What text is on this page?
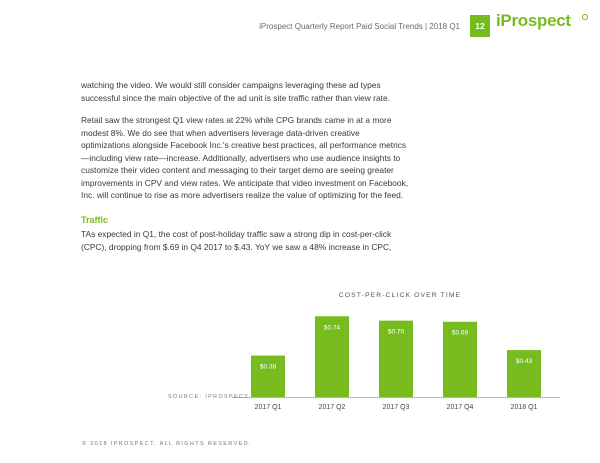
iProspect Quarterly Report Paid Social Trends | 2018 Q1	12 iProspect

watching the video. We would still consider campaigns leveraging these ad types successful since the main objective of the ad unit is site traffic rather than view rate.

Retail saw the strongest Q1 view rates at 22% while CPG brands came in at a more modest 8%. We do see that when advertisers leverage data-driven creative optimizations alongside Facebook Inc.'s creative best practices, all performance metrics—including view rate—increase. Additionally, advertisers who use audience insights to customize their video content and messaging to their target demo are seeing greater improvements in CPV and view rates. We anticipate that video investment on Facebook, Inc. will continue to rise as more advertisers realize the value of optimizing for the feed.

Traffic

TAs expected in Q1, the cost of post-holiday traffic saw a strong dip in cost-per-click (CPC), dropping from $.69 in Q4 2017 to $.43. YoY we saw a 48% increase in CPC,

COST-PER-CLICK OVER TIME
$0.38
2017 Q1
$0.74
2017 Q2
$0.70
2017 Q3
$0.69
2017 Q4
$0.43
2018 Q1
SOURCE: IPROSPECT
© 2018 IPROSPECT. ALL RIGHTS RESERVED.
